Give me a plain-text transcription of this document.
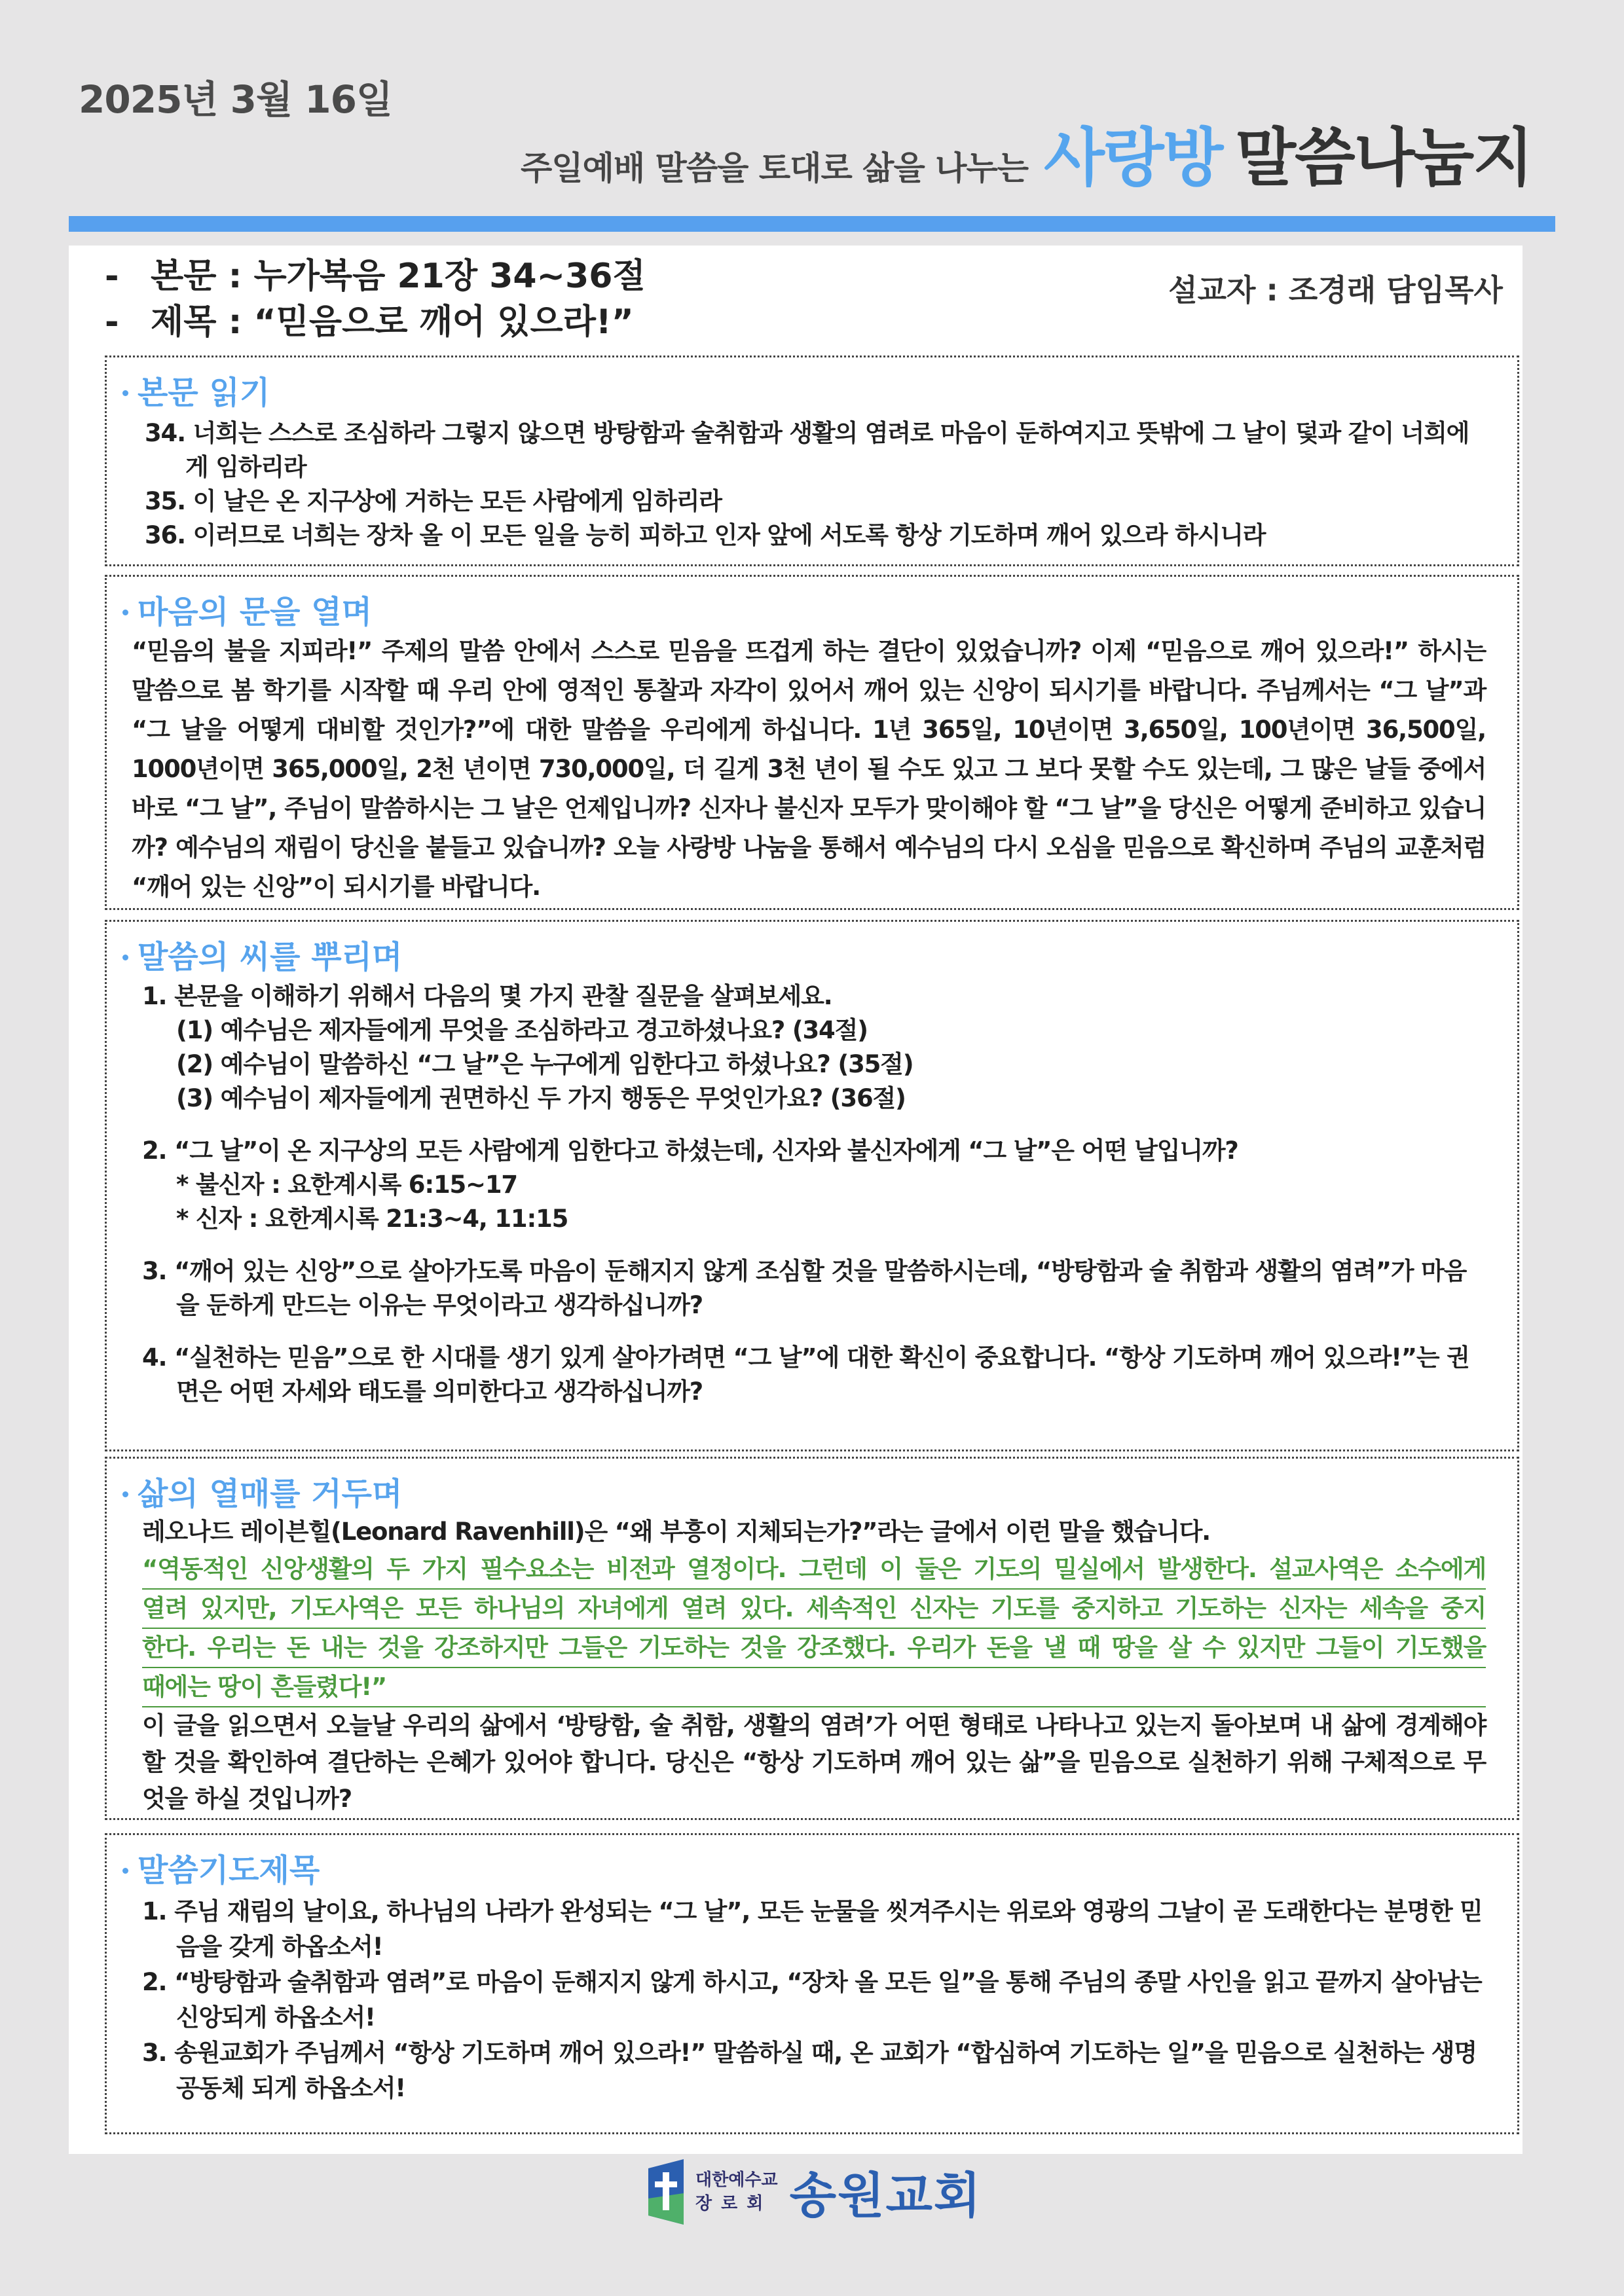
2025년 3월 16일
주일예배 말씀을 토대로 삶을 나누는 사랑방 말씀나눔지
- 본문 : 누가복음 21장 34~36절
- 제목 : “믿음으로 깨어 있으라!”
설교자 : 조경래 담임목사
본문 읽기
34. 너희는 스스로 조심하라 그렇지 않으면 방탕함과 술취함과 생활의 염려로 마음이 둔하여지고 뜻밖에 그 날이 덫과 같이 너희에게 임하리라
35. 이 날은 온 지구상에 거하는 모든 사람에게 임하리라
36. 이러므로 너희는 장차 올 이 모든 일을 능히 피하고 인자 앞에 서도록 항상 기도하며 깨어 있으라 하시니라
마음의 문을 열며
“믿음의 불을 지피라!” 주제의 말씀 안에서 스스로 믿음을 뜨겁게 하는 결단이 있었습니까? 이제 “믿음으로 깨어 있으라!” 하시는 말씀으로 봄 학기를 시작할 때 우리 안에 영적인 통찰과 자각이 있어서 깨어 있는 신앙이 되시기를 바랍니다. 주님께서는 “그 날”과 “그 날을 어떻게 대비할 것인가?”에 대한 말씀을 우리에게 하십니다. 1년 365일, 10년이면 3,650일, 100년이면 36,500일, 1000년이면 365,000일, 2천 년이면 730,000일, 더 길게 3천 년이 될 수도 있고 그 보다 못할 수도 있는데, 그 많은 날들 중에서 바로 “그 날”, 주님이 말씀하시는 그 날은 언제입니까? 신자나 불신자 모두가 맞이해야 할 “그 날”을 당신은 어떻게 준비하고 있습니까? 예수님의 재림이 당신을 붙들고 있습니까? 오늘 사랑방 나눔을 통해서 예수님의 다시 오심을 믿음으로 확신하며 주님의 교훈처럼 “깨어 있는 신앙”이 되시기를 바랍니다.
말씀의 씨를 뿌리며
1. 본문을 이해하기 위해서 다음의 몇 가지 관찰 질문을 살펴보세요.
(1) 예수님은 제자들에게 무엇을 조심하라고 경고하셨나요? (34절)
(2) 예수님이 말씀하신 “그 날”은 누구에게 임한다고 하셨나요? (35절)
(3) 예수님이 제자들에게 권면하신 두 가지 행동은 무엇인가요? (36절)
2. “그 날”이 온 지구상의 모든 사람에게 임한다고 하셨는데, 신자와 불신자에게 “그 날”은 어떤 날입니까?
* 불신자 : 요한계시록 6:15~17
* 신자 : 요한계시록 21:3~4, 11:15
3. “깨어 있는 신앙”으로 살아가도록 마음이 둔해지지 않게 조심할 것을 말씀하시는데, “방탕함과 술 취함과 생활의 염려”가 마음을 둔하게 만드는 이유는 무엇이라고 생각하십니까?
4. “실천하는 믿음”으로 한 시대를 생기 있게 살아가려면 “그 날”에 대한 확신이 중요합니다. “항상 기도하며 깨어 있으라!”는 권면은 어떤 자세와 태도를 의미한다고 생각하십니까?
삶의 열매를 거두며
레오나드 레이븐힐(Leonard Ravenhill)은 “왜 부흥이 지체되는가?”라는 글에서 이런 말을 했습니다.
“역동적인 신앙생활의 두 가지 필수요소는 비전과 열정이다. 그런데 이 둘은 기도의 밀실에서 발생한다. 설교사역은 소수에게
열려 있지만, 기도사역은 모든 하나님의 자녀에게 열려 있다. 세속적인 신자는 기도를 중지하고 기도하는 신자는 세속을 중지
한다. 우리는 돈 내는 것을 강조하지만 그들은 기도하는 것을 강조했다. 우리가 돈을 낼 때 땅을 살 수 있지만 그들이 기도했을
때에는 땅이 흔들렸다!”
이 글을 읽으면서 오늘날 우리의 삶에서 ‘방탕함, 술 취함, 생활의 염려’가 어떤 형태로 나타나고 있는지 돌아보며 내 삶에 경계해야 할 것을 확인하여 결단하는 은혜가 있어야 합니다. 당신은 “항상 기도하며 깨어 있는 삶”을 믿음으로 실천하기 위해 구체적으로 무엇을 하실 것입니까?
말씀기도제목
1. 주님 재림의 날이요, 하나님의 나라가 완성되는 “그 날”, 모든 눈물을 씻겨주시는 위로와 영광의 그날이 곧 도래한다는 분명한 믿음을 갖게 하옵소서!
2. “방탕함과 술취함과 염려”로 마음이 둔해지지 않게 하시고, “장차 올 모든 일”을 통해 주님의 종말 사인을 읽고 끝까지 살아남는 신앙되게 하옵소서!
3. 송원교회가 주님께서 “항상 기도하며 깨어 있으라!” 말씀하실 때, 온 교회가 “합심하여 기도하는 일”을 믿음으로 실천하는 생명공동체 되게 하옵소서!
대한예수교
장로회 송원교회
